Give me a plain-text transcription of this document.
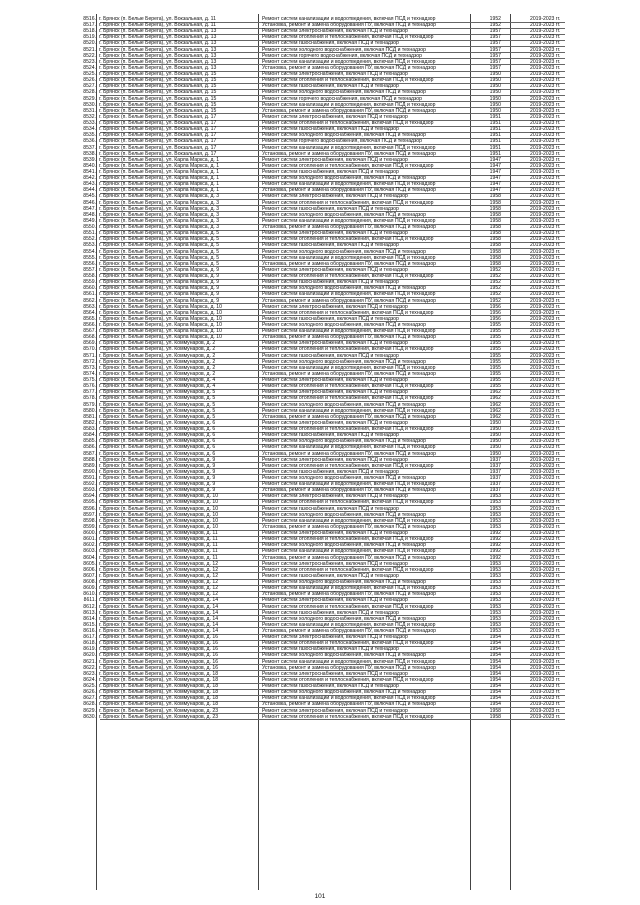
8516. г. Брянск (п. Белые Берега), ул. Вокзальная, д. 11	Ремонт систем канализации и водоотведения, включая ПСД и технадзор	1952	2019-2023 гг.
8517. г. Брянск (п. Белые Берега), ул. Вокзальная, д. 11	Установка, ремонт и замена оборудования ПУ, включая ПСД и технадзор	1952	2019-2023 гг.
8518. г. Брянск (п. Белые Берега), ул. Вокзальная, д. 13	Ремонт систем электроснабжения, включая ПСД и технадзор	1957	2019-2023 гг.
8519. г. Брянск (п. Белые Берега), ул. Вокзальная, д. 13	Ремонт систем отопления и теплоснабжения, включая ПСД и технадзор	1957	2019-2023 гг.
8520. г. Брянск (п. Белые Берега), ул. Вокзальная, д. 13	Ремонт систем газоснабжения, включая ПСД и технадзор	1957	2019-2023 гг.
8521. г. Брянск (п. Белые Берега), ул. Вокзальная, д. 13	Ремонт систем холодного водоснабжения, включая ПСД и технадзор	1957	2019-2023 гг.
8522. г. Брянск (п. Белые Берега), ул. Вокзальная, д. 13	Ремонт систем горячего водоснабжения, включая ПСД и технадзор	1957	2019-2023 гг.
8523. г. Брянск (п. Белые Берега), ул. Вокзальная, д. 13	Ремонт систем канализации и водоотведения, включая ПСД и технадзор	1957	2019-2023 гг.
8524. г. Брянск (п. Белые Берега), ул. Вокзальная, д. 13	Установка, ремонт и замена оборудования ПУ, включая ПСД и технадзор	1957	2019-2023 гг.
8525. г. Брянск (п. Белые Берега), ул. Вокзальная, д. 15	Ремонт систем электроснабжения, включая ПСД и технадзор	1950	2019-2023 гг.
8526. г. Брянск (п. Белые Берега), ул. Вокзальная, д. 15	Ремонт систем отопления и теплоснабжения, включая ПСД и технадзор	1950	2019-2023 гг.
8527. г. Брянск (п. Белые Берега), ул. Вокзальная, д. 15	Ремонт систем газоснабжения, включая ПСД и технадзор	1950	2019-2023 гг.
8528. г. Брянск (п. Белые Берега), ул. Вокзальная, д. 15	Ремонт систем холодного водоснабжения, включая ПСД и технадзор	1950	2019-2023 гг.
8529. г. Брянск (п. Белые Берега), ул. Вокзальная, д. 15	Ремонт систем горячего водоснабжения, включая ПСД и технадзор	1950	2019-2023 гг.
8530. г. Брянск (п. Белые Берега), ул. Вокзальная, д. 15	Ремонт систем канализации и водоотведения, включая ПСД и технадзор	1950	2019-2023 гг.
8531. г. Брянск (п. Белые Берега), ул. Вокзальная, д. 15	Установка, ремонт и замена оборудования ПУ, включая ПСД и технадзор	1950	2019-2023 гг.
8532. г. Брянск (п. Белые Берега), ул. Вокзальная, д. 17	Ремонт систем электроснабжения, включая ПСД и технадзор	1951	2019-2023 гг.
8533. г. Брянск (п. Белые Берега), ул. Вокзальная, д. 17	Ремонт систем отопления и теплоснабжения, включая ПСД и технадзор	1951	2019-2023 гг.
8534. г. Брянск (п. Белые Берега), ул. Вокзальная, д. 17	Ремонт систем газоснабжения, включая ПСД и технадзор	1951	2019-2023 гг.
8535. г. Брянск (п. Белые Берега), ул. Вокзальная, д. 17	Ремонт систем холодного водоснабжения, включая ПСД и технадзор	1951	2019-2023 гг.
8536. г. Брянск (п. Белые Берега), ул. Вокзальная, д. 17	Ремонт систем горячего водоснабжения, включая ПСД и технадзор	1951	2019-2023 гг.
8537. г. Брянск (п. Белые Берега), ул. Вокзальная, д. 17	Ремонт систем канализации и водоотведения, включая ПСД и технадзор	1951	2019-2023 гг.
8538. г. Брянск (п. Белые Берега), ул. Вокзальная, д. 17	Установка, ремонт и замена оборудования ПУ, включая ПСД и технадзор	1951	2019-2023 гг.
8539. г. Брянск (п. Белые Берега), ул. Карла Маркса, д. 1	Ремонт систем электроснабжения, включая ПСД и технадзор	1947	2019-2023 гг.
8540. г. Брянск (п. Белые Берега), ул. Карла Маркса, д. 1	Ремонт систем отопления и теплоснабжения, включая ПСД и технадзор	1947	2019-2023 гг.
8541. г. Брянск (п. Белые Берега), ул. Карла Маркса, д. 1	Ремонт систем газоснабжения, включая ПСД и технадзор	1947	2019-2023 гг.
8542. г. Брянск (п. Белые Берега), ул. Карла Маркса, д. 1	Ремонт систем холодного водоснабжения, включая ПСД и технадзор	1947	2019-2023 гг.
8543. г. Брянск (п. Белые Берега), ул. Карла Маркса, д. 1	Ремонт систем канализации и водоотведения, включая ПСД и технадзор	1947	2019-2023 гг.
8544. г. Брянск (п. Белые Берега), ул. Карла Маркса, д. 1	Установка, ремонт и замена оборудования ПУ, включая ПСД и технадзор	1947	2019-2023 гг.
8545. г. Брянск (п. Белые Берега), ул. Карла Маркса, д. 3	Ремонт систем электроснабжения, включая ПСД и технадзор	1958	2019-2023 гг.
8546. г. Брянск (п. Белые Берега), ул. Карла Маркса, д. 3	Ремонт систем отопления и теплоснабжения, включая ПСД и технадзор	1958	2019-2023 гг.
8547. г. Брянск (п. Белые Берега), ул. Карла Маркса, д. 3	Ремонт систем газоснабжения, включая ПСД и технадзор	1958	2019-2023 гг.
8548. г. Брянск (п. Белые Берега), ул. Карла Маркса, д. 3	Ремонт систем холодного водоснабжения, включая ПСД и технадзор	1958	2019-2023 гг.
8549. г. Брянск (п. Белые Берега), ул. Карла Маркса, д. 3	Ремонт систем канализации и водоотведения, включая ПСД и технадзор	1958	2019-2023 гг.
8550. г. Брянск (п. Белые Берега), ул. Карла Маркса, д. 3	Установка, ремонт и замена оборудования ПУ, включая ПСД и технадзор	1958	2019-2023 гг.
8551. г. Брянск (п. Белые Берега), ул. Карла Маркса, д. 5	Ремонт систем электроснабжения, включая ПСД и технадзор	1958	2019-2023 гг.
8552. г. Брянск (п. Белые Берега), ул. Карла Маркса, д. 5	Ремонт систем отопления и теплоснабжения, включая ПСД и технадзор	1958	2019-2023 гг.
8553. г. Брянск (п. Белые Берега), ул. Карла Маркса, д. 5	Ремонт систем газоснабжения, включая ПСД и технадзор	1958	2019-2023 гг.
8554. г. Брянск (п. Белые Берега), ул. Карла Маркса, д. 5	Ремонт систем холодного водоснабжения, включая ПСД и технадзор	1958	2019-2023 гг.
8555. г. Брянск (п. Белые Берега), ул. Карла Маркса, д. 5	Ремонт систем канализации и водоотведения, включая ПСД и технадзор	1958	2019-2023 гг.
8556. г. Брянск (п. Белые Берега), ул. Карла Маркса, д. 5	Установка, ремонт и замена оборудования ПУ, включая ПСД и технадзор	1958	2019-2023 гг.
8557. г. Брянск (п. Белые Берега), ул. Карла Маркса, д. 9	Ремонт систем электроснабжения, включая ПСД и технадзор	1952	2019-2023 гг.
8558. г. Брянск (п. Белые Берега), ул. Карла Маркса, д. 9	Ремонт систем отопления и теплоснабжения, включая ПСД и технадзор	1952	2019-2023 гг.
8559. г. Брянск (п. Белые Берега), ул. Карла Маркса, д. 9	Ремонт систем газоснабжения, включая ПСД и технадзор	1952	2019-2023 гг.
8560. г. Брянск (п. Белые Берега), ул. Карла Маркса, д. 9	Ремонт систем холодного водоснабжения, включая ПСД и технадзор	1952	2019-2023 гг.
8561. г. Брянск (п. Белые Берега), ул. Карла Маркса, д. 9	Ремонт систем канализации и водоотведения, включая ПСД и технадзор	1952	2019-2023 гг.
8562. г. Брянск (п. Белые Берега), ул. Карла Маркса, д. 9	Установка, ремонт и замена оборудования ПУ, включая ПСД и технадзор	1952	2019-2023 гг.
8563. г. Брянск (п. Белые Берега), ул. Карла Маркса, д. 10	Ремонт систем электроснабжения, включая ПСД и технадзор	1956	2019-2023 гг.
8564. г. Брянск (п. Белые Берега), ул. Карла Маркса, д. 10	Ремонт систем отопления и теплоснабжения, включая ПСД и технадзор	1956	2019-2023 гг.
8565. г. Брянск (п. Белые Берега), ул. Карла Маркса, д. 10	Ремонт систем газоснабжения, включая ПСД и технадзор	1956	2019-2023 гг.
8566. г. Брянск (п. Белые Берега), ул. Карла Маркса, д. 10	Ремонт систем холодного водоснабжения, включая ПСД и технадзор	1955	2019-2023 гг.
8567. г. Брянск (п. Белые Берега), ул. Карла Маркса, д. 10	Ремонт систем канализации и водоотведения, включая ПСД и технадзор	1955	2019-2023 гг.
8568. г. Брянск (п. Белые Берега), ул. Карла Маркса, д. 10	Установка, ремонт и замена оборудования ПУ, включая ПСД и технадзор	1955	2019-2023 гг.
8569. г. Брянск (п. Белые Берега), ул. Коммунаров, д. 2	Ремонт систем электроснабжения, включая ПСД и технадзор	1955	2019-2023 гг.
8570. г. Брянск (п. Белые Берега), ул. Коммунаров, д. 2	Ремонт систем отопления и теплоснабжения, включая ПСД и технадзор	1955	2019-2023 гг.
8571. г. Брянск (п. Белые Берега), ул. Коммунаров, д. 2	Ремонт систем газоснабжения, включая ПСД и технадзор	1955	2019-2023 гг.
8572. г. Брянск (п. Белые Берега), ул. Коммунаров, д. 2	Ремонт систем холодного водоснабжения, включая ПСД и технадзор	1955	2019-2023 гг.
8573. г. Брянск (п. Белые Берега), ул. Коммунаров, д. 2	Ремонт систем канализации и водоотведения, включая ПСД и технадзор	1955	2019-2023 гг.
8574. г. Брянск (п. Белые Берега), ул. Коммунаров, д. 2	Установка, ремонт и замена оборудования ПУ, включая ПСД и технадзор	1955	2019-2023 гг.
8575. г. Брянск (п. Белые Берега), ул. Коммунаров, д. 4	Ремонт систем электроснабжения, включая ПСД и технадзор	1955	2019-2023 гг.
8576. г. Брянск (п. Белые Берега), ул. Коммунаров, д. 4	Ремонт систем отопления и теплоснабжения, включая ПСД и технадзор	1955	2019-2023 гг.
8577. г. Брянск (п. Белые Берега), ул. Коммунаров, д. 5	Ремонт систем электроснабжения, включая ПСД и технадзор	1962	2019-2023 гг.
8578. г. Брянск (п. Белые Берега), ул. Коммунаров, д. 5	Ремонт систем отопления и теплоснабжения, включая ПСД и технадзор	1962	2019-2023 гг.
8579. г. Брянск (п. Белые Берега), ул. Коммунаров, д. 5	Ремонт систем холодного водоснабжения, включая ПСД и технадзор	1962	2019-2023 гг.
8580. г. Брянск (п. Белые Берега), ул. Коммунаров, д. 5	Ремонт систем канализации и водоотведения, включая ПСД и технадзор	1962	2019-2023 гг.
8581. г. Брянск (п. Белые Берега), ул. Коммунаров, д. 5	Установка, ремонт и замена оборудования ПУ, включая ПСД и технадзор	1962	2019-2023 гг.
8582. г. Брянск (п. Белые Берега), ул. Коммунаров, д. 6	Ремонт систем электроснабжения, включая ПСД и технадзор	1950	2019-2023 гг.
8583. г. Брянск (п. Белые Берега), ул. Коммунаров, д. 6	Ремонт систем отопления и теплоснабжения, включая ПСД и технадзор	1950	2019-2023 гг.
8584. г. Брянск (п. Белые Берега), ул. Коммунаров, д. 6	Ремонт систем газоснабжения, включая ПСД и технадзор	1950	2019-2023 гг.
8585. г. Брянск (п. Белые Берега), ул. Коммунаров, д. 6	Ремонт систем холодного водоснабжения, включая ПСД и технадзор	1950	2019-2023 гг.
8586. г. Брянск (п. Белые Берега), ул. Коммунаров, д. 6	Ремонт систем канализации и водоотведения, включая ПСД и технадзор	1950	2019-2023 гг.
8587. г. Брянск (п. Белые Берега), ул. Коммунаров, д. 6	Установка, ремонт и замена оборудования ПУ, включая ПСД и технадзор	1950	2019-2023 гг.
8588. г. Брянск (п. Белые Берега), ул. Коммунаров, д. 9	Ремонт систем электроснабжения, включая ПСД и технадзор	1937	2019-2023 гг.
8589. г. Брянск (п. Белые Берега), ул. Коммунаров, д. 9	Ремонт систем отопления и теплоснабжения, включая ПСД и технадзор	1937	2019-2023 гг.
8590. г. Брянск (п. Белые Берега), ул. Коммунаров, д. 9	Ремонт систем газоснабжения, включая ПСД и технадзор	1937	2019-2023 гг.
8591. г. Брянск (п. Белые Берега), ул. Коммунаров, д. 9	Ремонт систем холодного водоснабжения, включая ПСД и технадзор	1937	2019-2023 гг.
8592. г. Брянск (п. Белые Берега), ул. Коммунаров, д. 9	Ремонт систем канализации и водоотведения, включая ПСД и технадзор	1937	2019-2023 гг.
8593. г. Брянск (п. Белые Берега), ул. Коммунаров, д. 9	Установка, ремонт и замена оборудования ПУ, включая ПСД и технадзор	1937	2019-2023 гг.
8594. г. Брянск (п. Белые Берега), ул. Коммунаров, д. 10	Ремонт систем электроснабжения, включая ПСД и технадзор	1953	2019-2023 гг.
8595. г. Брянск (п. Белые Берега), ул. Коммунаров, д. 10	Ремонт систем отопления и теплоснабжения, включая ПСД и технадзор	1953	2019-2023 гг.
8596. г. Брянск (п. Белые Берега), ул. Коммунаров, д. 10	Ремонт систем газоснабжения, включая ПСД и технадзор	1953	2019-2023 гг.
8597. г. Брянск (п. Белые Берега), ул. Коммунаров, д. 10	Ремонт систем холодного водоснабжения, включая ПСД и технадзор	1953	2019-2023 гг.
8598. г. Брянск (п. Белые Берега), ул. Коммунаров, д. 10	Ремонт систем канализации и водоотведения, включая ПСД и технадзор	1953	2019-2023 гг.
8599. г. Брянск (п. Белые Берега), ул. Коммунаров, д. 10	Установка, ремонт и замена оборудования ПУ, включая ПСД и технадзор	1953	2019-2023 гг.
8600. г. Брянск (п. Белые Берега), ул. Коммунаров, д. 11	Ремонт систем электроснабжения, включая ПСД и технадзор	1992	2019-2023 гг.
8601. г. Брянск (п. Белые Берега), ул. Коммунаров, д. 11	Ремонт систем отопления и теплоснабжения, включая ПСД и технадзор	1992	2019-2023 гг.
8602. г. Брянск (п. Белые Берега), ул. Коммунаров, д. 11	Ремонт систем холодного водоснабжения, включая ПСД и технадзор	1992	2019-2023 гг.
8603. г. Брянск (п. Белые Берега), ул. Коммунаров, д. 11	Ремонт систем канализации и водоотведения, включая ПСД и технадзор	1992	2019-2023 гг.
8604. г. Брянск (п. Белые Берега), ул. Коммунаров, д. 11	Установка, ремонт и замена оборудования ПУ, включая ПСД и технадзор	1992	2019-2023 гг.
8605. г. Брянск (п. Белые Берега), ул. Коммунаров, д. 12	Ремонт систем электроснабжения, включая ПСД и технадзор	1953	2019-2023 гг.
8606. г. Брянск (п. Белые Берега), ул. Коммунаров, д. 12	Ремонт систем отопления и теплоснабжения, включая ПСД и технадзор	1953	2019-2023 гг.
8607. г. Брянск (п. Белые Берега), ул. Коммунаров, д. 12	Ремонт систем газоснабжения, включая ПСД и технадзор	1953	2019-2023 гг.
8608. г. Брянск (п. Белые Берега), ул. Коммунаров, д. 12	Ремонт систем холодного водоснабжения, включая ПСД и технадзор	1953	2019-2023 гг.
8609. г. Брянск (п. Белые Берега), ул. Коммунаров, д. 12	Ремонт систем канализации и водоотведения, включая ПСД и технадзор	1953	2019-2023 гг.
8610. г. Брянск (п. Белые Берега), ул. Коммунаров, д. 12	Установка, ремонт и замена оборудования ПУ, включая ПСД и технадзор	1953	2019-2023 гг.
8611. г. Брянск (п. Белые Берега), ул. Коммунаров, д. 14	Ремонт систем электроснабжения, включая ПСД и технадзор	1953	2019-2023 гг.
8612. г. Брянск (п. Белые Берега), ул. Коммунаров, д. 14	Ремонт систем отопления и теплоснабжения, включая ПСД и технадзор	1953	2019-2023 гг.
8613. г. Брянск (п. Белые Берега), ул. Коммунаров, д. 14	Ремонт систем газоснабжения, включая ПСД и технадзор	1953	2019-2023 гг.
8614. г. Брянск (п. Белые Берега), ул. Коммунаров, д. 14	Ремонт систем холодного водоснабжения, включая ПСД и технадзор	1953	2019-2023 гг.
8615. г. Брянск (п. Белые Берега), ул. Коммунаров, д. 14	Ремонт систем канализации и водоотведения, включая ПСД и технадзор	1953	2019-2023 гг.
8616. г. Брянск (п. Белые Берега), ул. Коммунаров, д. 14	Установка, ремонт и замена оборудования ПУ, включая ПСД и технадзор	1953	2019-2023 гг.
8617. г. Брянск (п. Белые Берега), ул. Коммунаров, д. 16	Ремонт систем электроснабжения, включая ПСД и технадзор	1954	2019-2023 гг.
8618. г. Брянск (п. Белые Берега), ул. Коммунаров, д. 16	Ремонт систем отопления и теплоснабжения, включая ПСД и технадзор	1954	2019-2023 гг.
8619. г. Брянск (п. Белые Берега), ул. Коммунаров, д. 16	Ремонт систем газоснабжения, включая ПСД и технадзор	1954	2019-2023 гг.
8620. г. Брянск (п. Белые Берега), ул. Коммунаров, д. 16	Ремонт систем холодного водоснабжения, включая ПСД и технадзор	1954	2019-2023 гг.
8621. г. Брянск (п. Белые Берега), ул. Коммунаров, д. 16	Ремонт систем канализации и водоотведения, включая ПСД и технадзор	1954	2019-2023 гг.
8622. г. Брянск (п. Белые Берега), ул. Коммунаров, д. 16	Установка, ремонт и замена оборудования ПУ, включая ПСД и технадзор	1954	2019-2023 гг.
8623. г. Брянск (п. Белые Берега), ул. Коммунаров, д. 18	Ремонт систем электроснабжения, включая ПСД и технадзор	1954	2019-2023 гг.
8624. г. Брянск (п. Белые Берега), ул. Коммунаров, д. 18	Ремонт систем отопления и теплоснабжения, включая ПСД и технадзор	1954	2019-2023 гг.
8625. г. Брянск (п. Белые Берега), ул. Коммунаров, д. 18	Ремонт систем газоснабжения, включая ПСД и технадзор	1954	2019-2023 гг.
8626. г. Брянск (п. Белые Берега), ул. Коммунаров, д. 18	Ремонт систем холодного водоснабжения, включая ПСД и технадзор	1954	2019-2023 гг.
8627. г. Брянск (п. Белые Берега), ул. Коммунаров, д. 18	Ремонт систем канализации и водоотведения, включая ПСД и технадзор	1954	2019-2023 гг.
8628. г. Брянск (п. Белые Берега), ул. Коммунаров, д. 18	Установка, ремонт и замена оборудования ПУ, включая ПСД и технадзор	1954	2019-2023 гг.
8629. г. Брянск (п. Белые Берега), ул. Коммунаров, д. 23	Ремонт систем электроснабжения, включая ПСД и технадзор	1958	2019-2023 гг.
8630. г. Брянск (п. Белые Берега), ул. Коммунаров, д. 23	Ремонт систем отопления и теплоснабжения, включая ПСД и технадзор	1958	2019-2023 гг.
101
